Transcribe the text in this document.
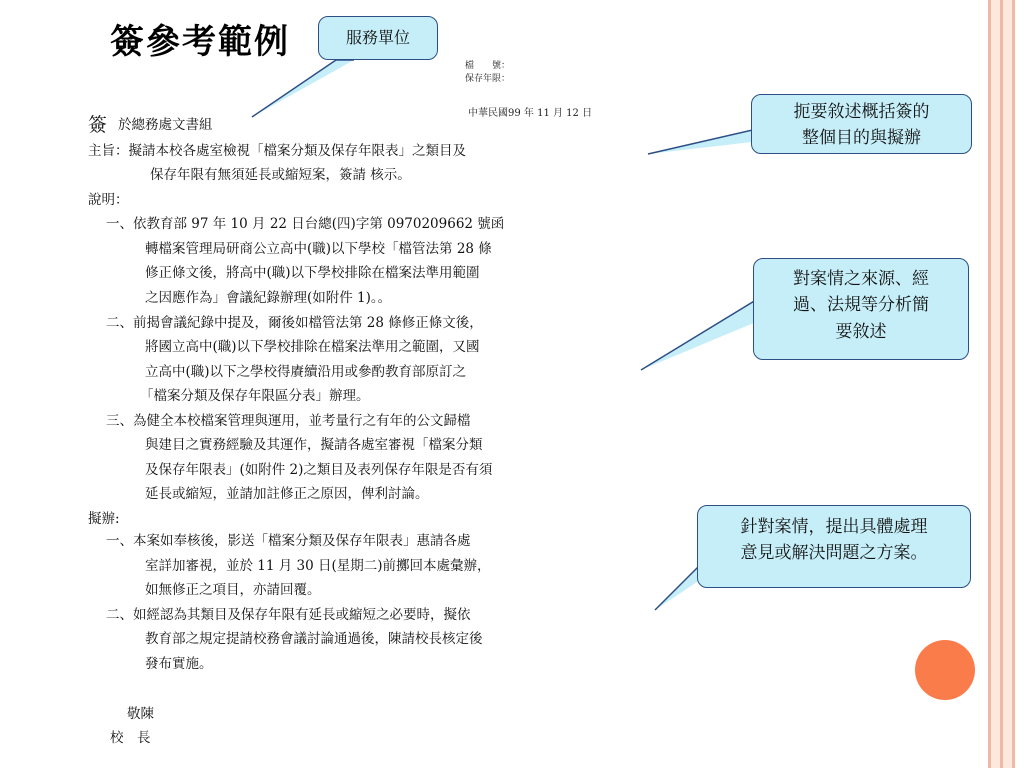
簽參考範例	服務單位
扼要敘述概括簽的
整個目的與擬辦
對案情之來源、經
過、法規等分析簡
要敘述
針對案情，提出具體處理
意見或解決問題之方案。
檔　　號：
保存年限：
中華民國99 年 11 月 12 日
簽 於總務處文書組
主旨：擬請本校各處室檢視「檔案分類及保存年限表」之類目及
保存年限有無須延長或縮短案，簽請 核示。
說明：
一、依教育部 97 年 10 月 22 日台總(四)字第 0970209662 號函
轉檔案管理局研商公立高中(職)以下學校「檔管法第 28 條
修正條文後，將高中(職)以下學校排除在檔案法準用範圍
之因應作為」會議紀錄辦理(如附件 1)。。
二、前揭會議紀錄中提及，爾後如檔管法第 28 條修正條文後，
將國立高中(職)以下學校排除在檔案法準用之範圍，又國
立高中(職)以下之學校得賡續沿用或參酌教育部原訂之
「檔案分類及保存年限區分表」辦理。
三、為健全本校檔案管理與運用，並考量行之有年的公文歸檔
與建目之實務經驗及其運作，擬請各處室審視「檔案分類
及保存年限表」(如附件 2)之類目及表列保存年限是否有須
延長或縮短，並請加註修正之原因，俾利討論。
擬辦:
一、本案如奉核後，影送「檔案分類及保存年限表」惠請各處
室詳加審視，並於 11 月 30 日(星期二)前擲回本處彙辦，
如無修正之項目，亦請回覆。
二、如經認為其類目及保存年限有延長或縮短之必要時，擬依
教育部之規定提請校務會議討論通過後，陳請校長核定後
發布實施。
敬陳
校　長
